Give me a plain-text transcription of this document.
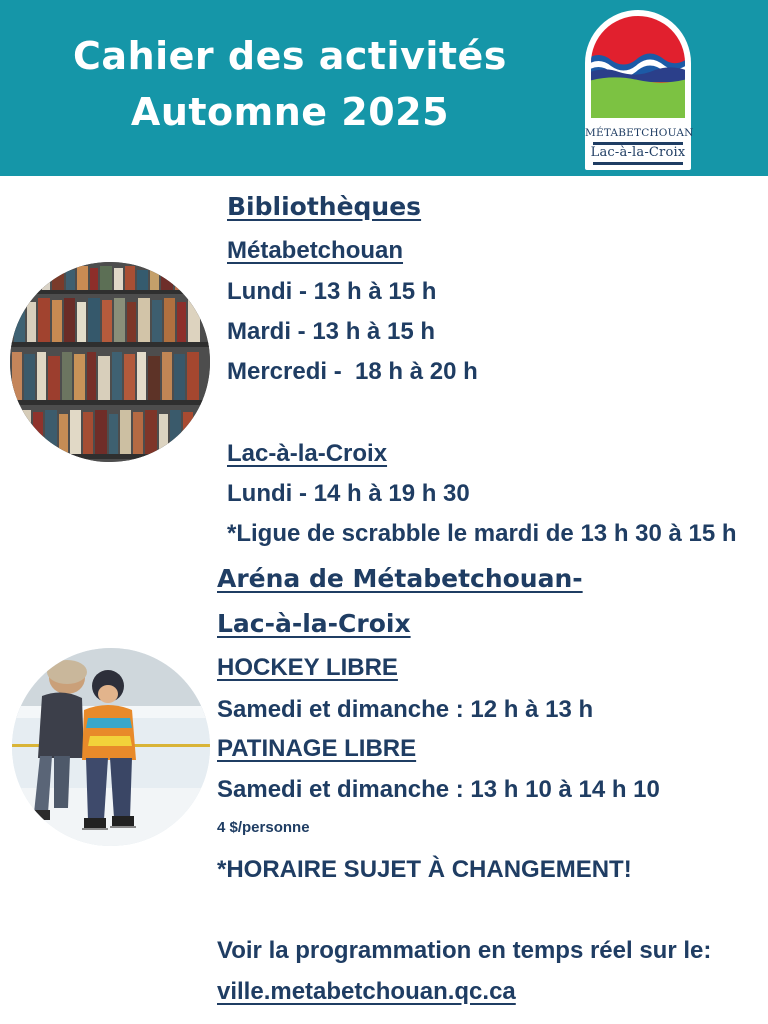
Cahier des activités
Automne 2025	MÉTABETCHOUAN
Lac-à-la-Croix
Bibliothèques
Métabetchouan
Lundi - 13 h à 15 h
Mardi - 13 h à 15 h
Mercredi -  18 h à 20 h
Lac-à-la-Croix
Lundi - 14 h à 19 h 30
*Ligue de scrabble le mardi de 13 h 30 à 15 h
Aréna de Métabetchouan-
Lac-à-la-Croix
HOCKEY LIBRE
Samedi et dimanche : 12 h à 13 h
PATINAGE LIBRE
Samedi et dimanche : 13 h 10 à 14 h 10
4 $/personne
*HORAIRE SUJET À CHANGEMENT!
Voir la programmation en temps réel sur le:
ville.metabetchouan.qc.ca
